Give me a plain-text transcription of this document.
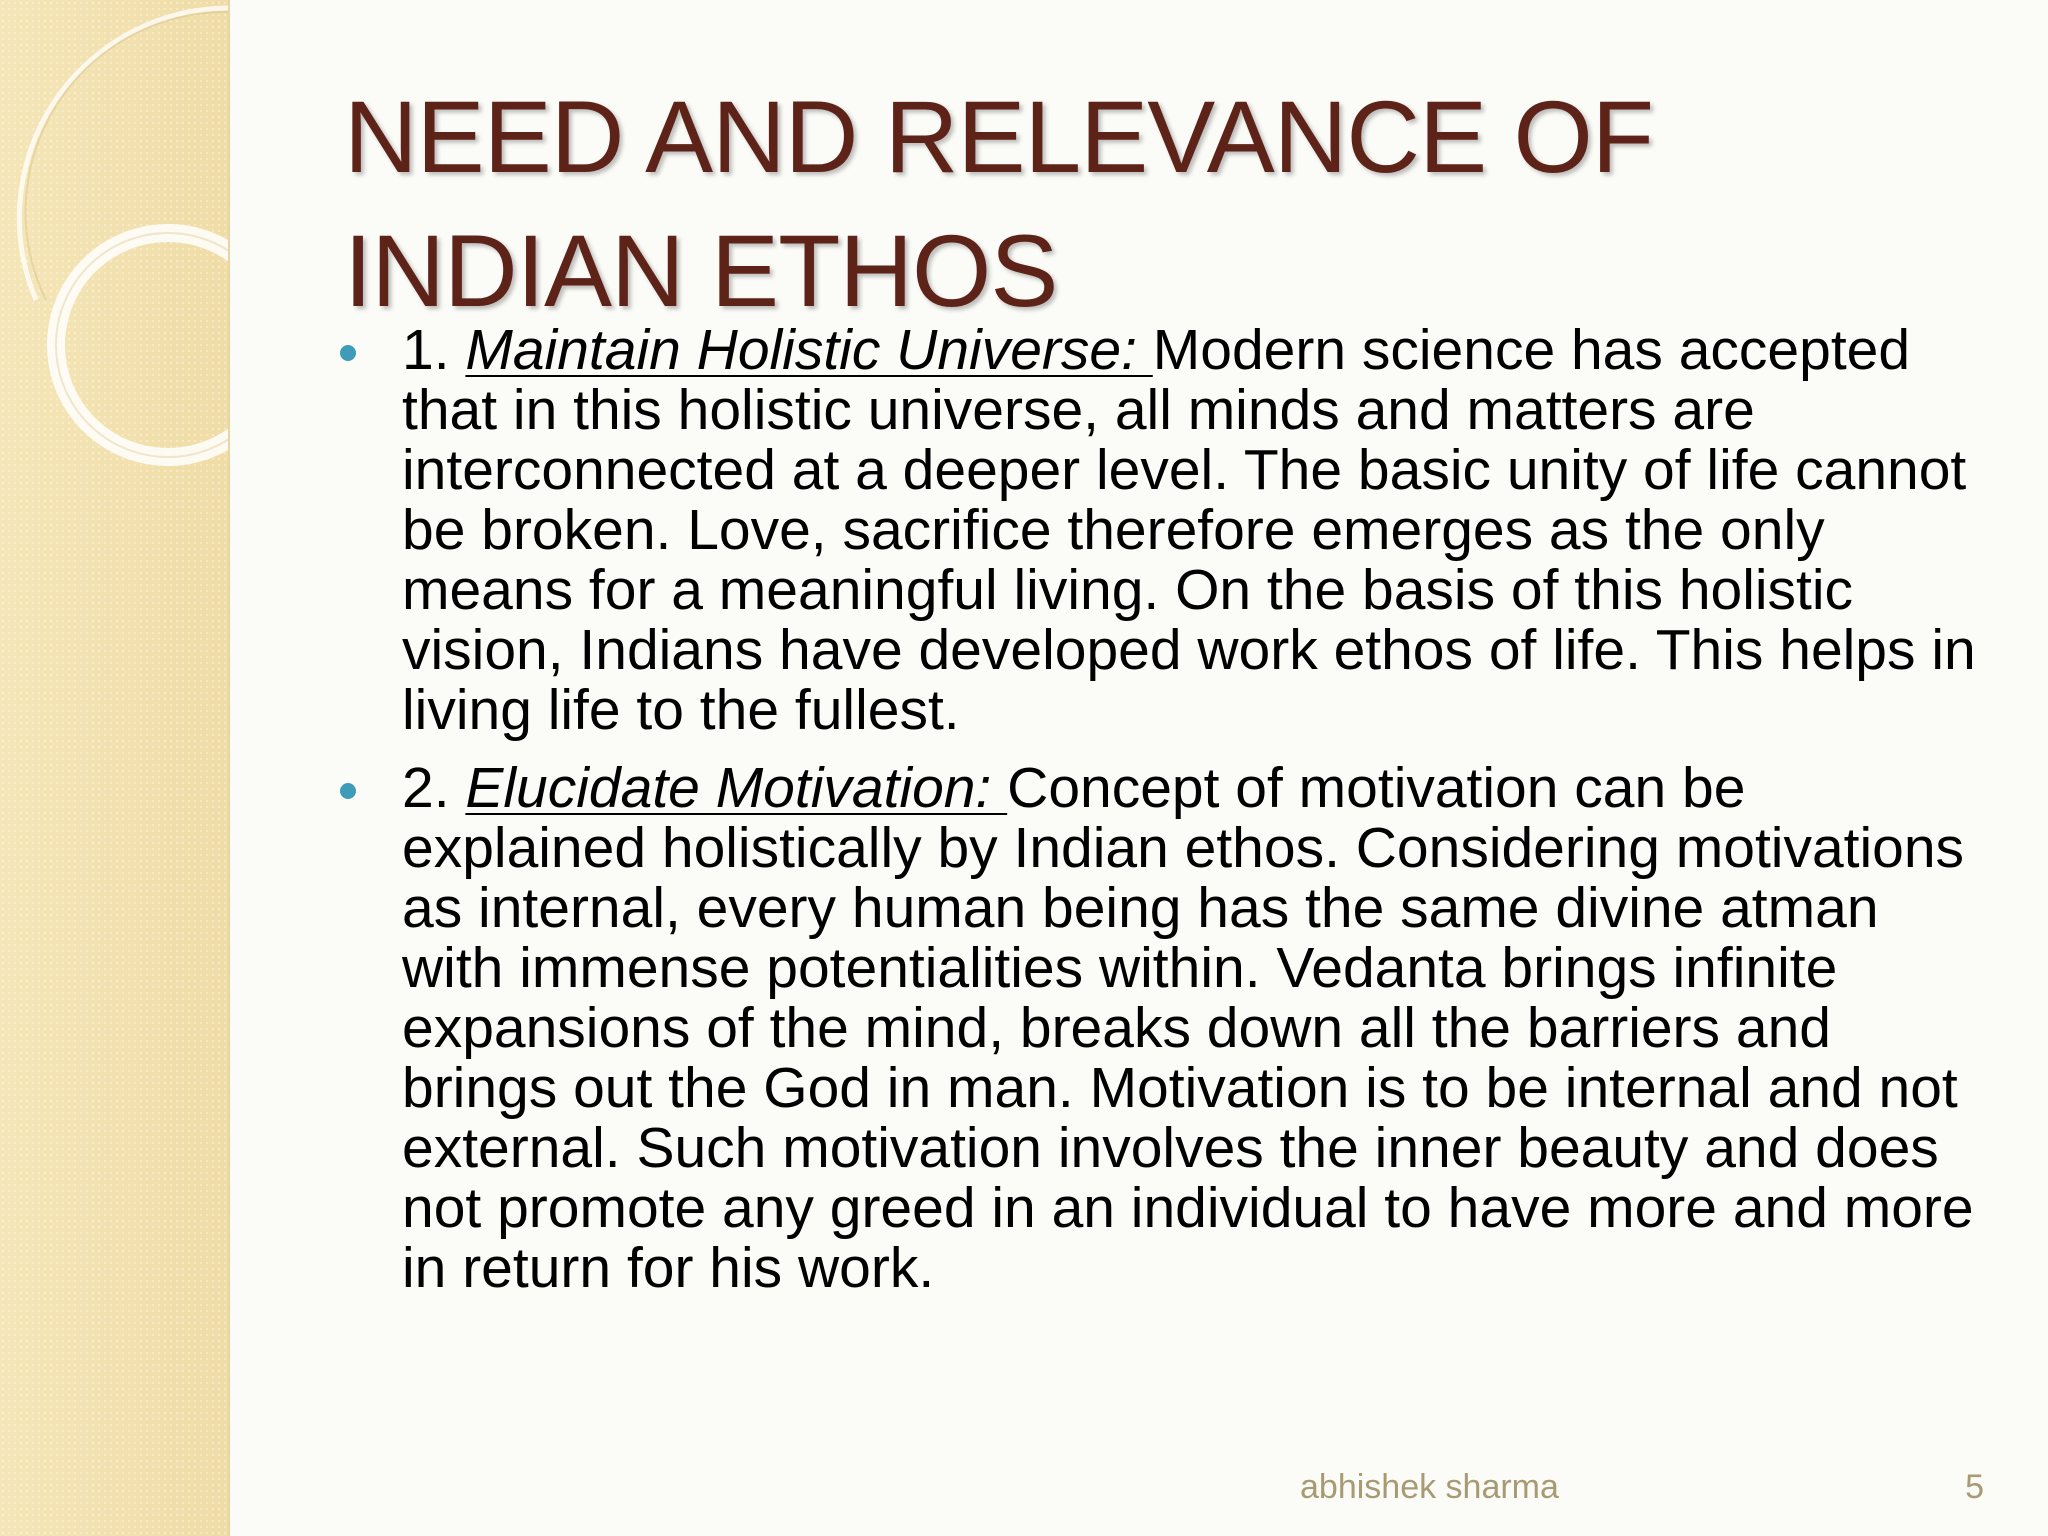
NEED AND RELEVANCE OF
INDIAN ETHOS
1. Maintain Holistic Universe: Modern science has accepted that in this holistic universe, all minds and matters are interconnected at a deeper level. The basic unity of life cannot be broken. Love, sacrifice therefore emerges as the only means for a meaningful living. On the basis of this holistic vision, Indians have developed work ethos of life. This helps in living life to the fullest.
2. Elucidate Motivation: Concept of motivation can be explained holistically by Indian ethos. Considering motivations as internal, every human being has the same divine atman with immense potentialities within. Vedanta brings infinite expansions of the mind, breaks down all the barriers and brings out the God in man. Motivation is to be internal and not external. Such motivation involves the inner beauty and does not promote any greed in an individual to have more and more in return for his work.
abhishek sharma	5
